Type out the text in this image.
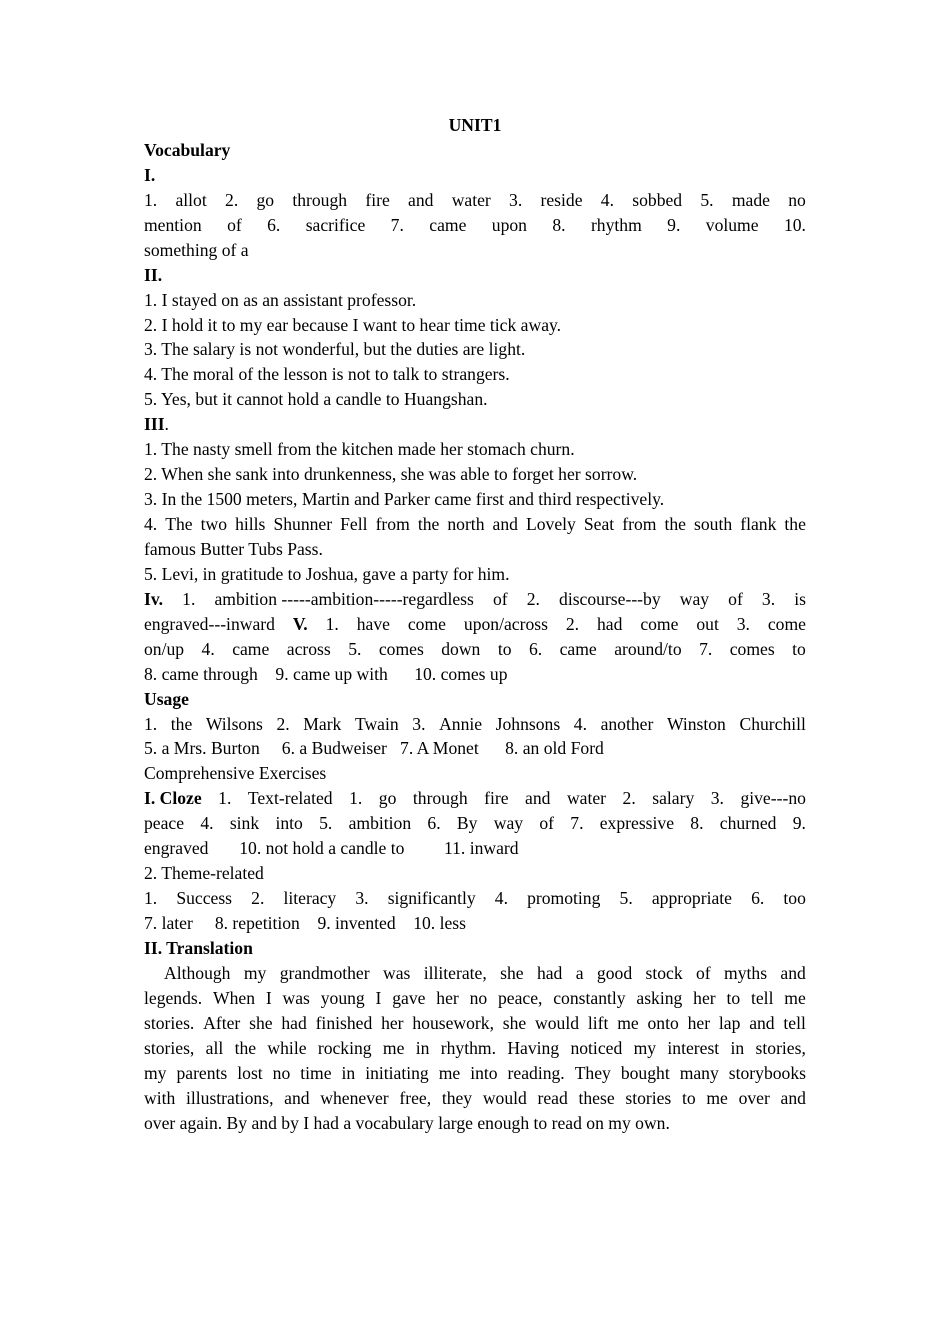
UNIT1
Vocabulary
I.
1. allot 2. go through fire and water 3. reside 4. sobbed 5. made no
mention of 6. sacrifice 7. came upon 8. rhythm 9. volume 10.
something of a
II.
1. I stayed on as an assistant professor.
2. I hold it to my ear because I want to hear time tick away.
3. The salary is not wonderful, but the duties are light.
4. The moral of the lesson is not to talk to strangers.
5. Yes, but it cannot hold a candle to Huangshan.
III.
1. The nasty smell from the kitchen made her stomach churn.
2. When she sank into drunkenness, she was able to forget her sorrow.
3. In the 1500 meters, Martin and Parker came first and third respectively.
4. The two hills Shunner Fell from the north and Lovely Seat from the south flank the
famous Butter Tubs Pass.
5. Levi, in gratitude to Joshua, gave a party for him.
Iv. 1. ambition -----ambition-----regardless of 2. discourse---by way of 3. is
engraved---inward V. 1. have come upon/across 2. had come out 3. come
on/up 4. came across 5. comes down to 6. came around/to 7. comes to
8. came through    9. came up with      10. comes up
Usage
1. the Wilsons 2. Mark Twain 3. Annie Johnsons 4. another Winston Churchill
5. a Mrs. Burton     6. a Budweiser   7. A Monet      8. an old Ford
Comprehensive Exercises
I. Cloze 1. Text-related 1. go through fire and water 2. salary 3. give---no
peace 4. sink into 5. ambition 6. By way of 7. expressive 8. churned 9.
engraved       10. not hold a candle to         11. inward
2. Theme-related
1. Success 2. literacy 3. significantly 4. promoting 5. appropriate 6. too
7. later     8. repetition    9. invented    10. less
II. Translation
Although my grandmother was illiterate, she had a good stock of myths and
legends. When I was young I gave her no peace, constantly asking her to tell me
stories. After she had finished her housework, she would lift me onto her lap and tell
stories, all the while rocking me in rhythm. Having noticed my interest in stories,
my parents lost no time in initiating me into reading. They bought many storybooks
with illustrations, and whenever free, they would read these stories to me over and
over again. By and by I had a vocabulary large enough to read on my own.
